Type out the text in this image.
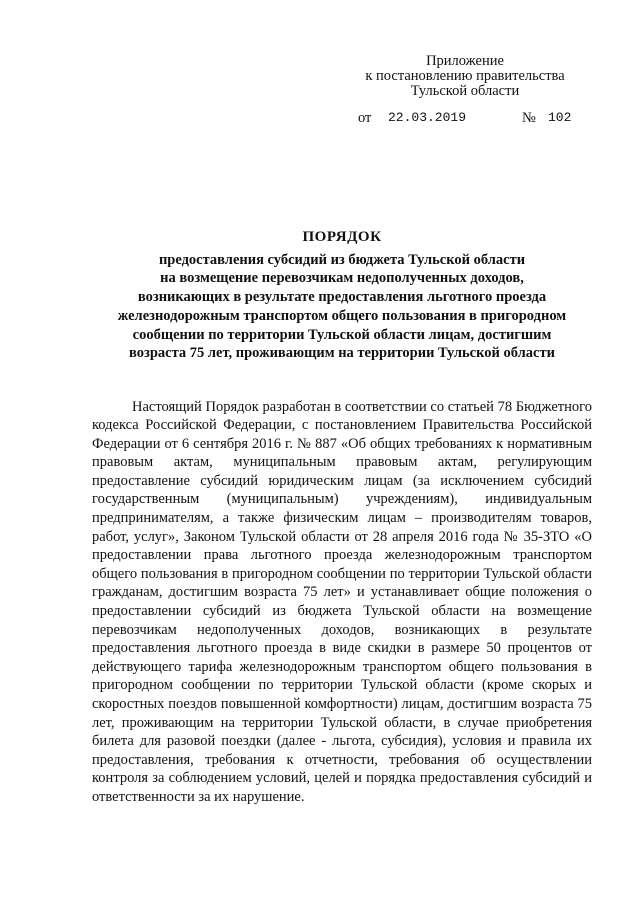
Приложение
к постановлению правительства
Тульской области
от 22.03.2019	№ 102
ПОРЯДОК
предоставления субсидий из бюджета Тульской области
на возмещение перевозчикам недополученных доходов,
возникающих в результате предоставления льготного проезда
железнодорожным транспортом общего пользования в пригородном
сообщении по территории Тульской области лицам, достигшим
возраста 75 лет, проживающим на территории Тульской области

Настоящий Порядок разработан в соответствии со статьей 78 Бюджетного кодекса Российской Федерации, с постановлением Правительства Российской Федерации от 6 сентября 2016 г. № 887 «Об общих требованиях к нормативным правовым актам, муниципальным правовым актам, регулирующим предоставление субсидий юридическим лицам (за исключением субсидий государственным (муниципальным) учреждениям), индивидуальным предпринимателям, а также физическим лицам – производителям товаров, работ, услуг», Законом Тульской области от 28 апреля 2016 года № 35-ЗТО «О предоставлении права льготного проезда железнодорожным транспортом общего пользования в пригородном сообщении по территории Тульской области гражданам, достигшим возраста 75 лет» и устанавливает общие положения о предоставлении субсидий из бюджета Тульской области на возмещение перевозчикам недополученных доходов, возникающих в результате предоставления льготного проезда в виде скидки в размере 50 процентов от действующего тарифа железнодорожным транспортом общего пользования в пригородном сообщении по территории Тульской области (кроме скорых и скоростных поездов повышенной комфортности) лицам, достигшим возраста 75 лет, проживающим на территории Тульской области, в случае приобретения билета для разовой поездки (далее - льгота, субсидия), условия и правила их предоставления, требования к отчетности, требования об осуществлении контроля за соблюдением условий, целей и порядка предоставления субсидий и ответственности за их нарушение.
